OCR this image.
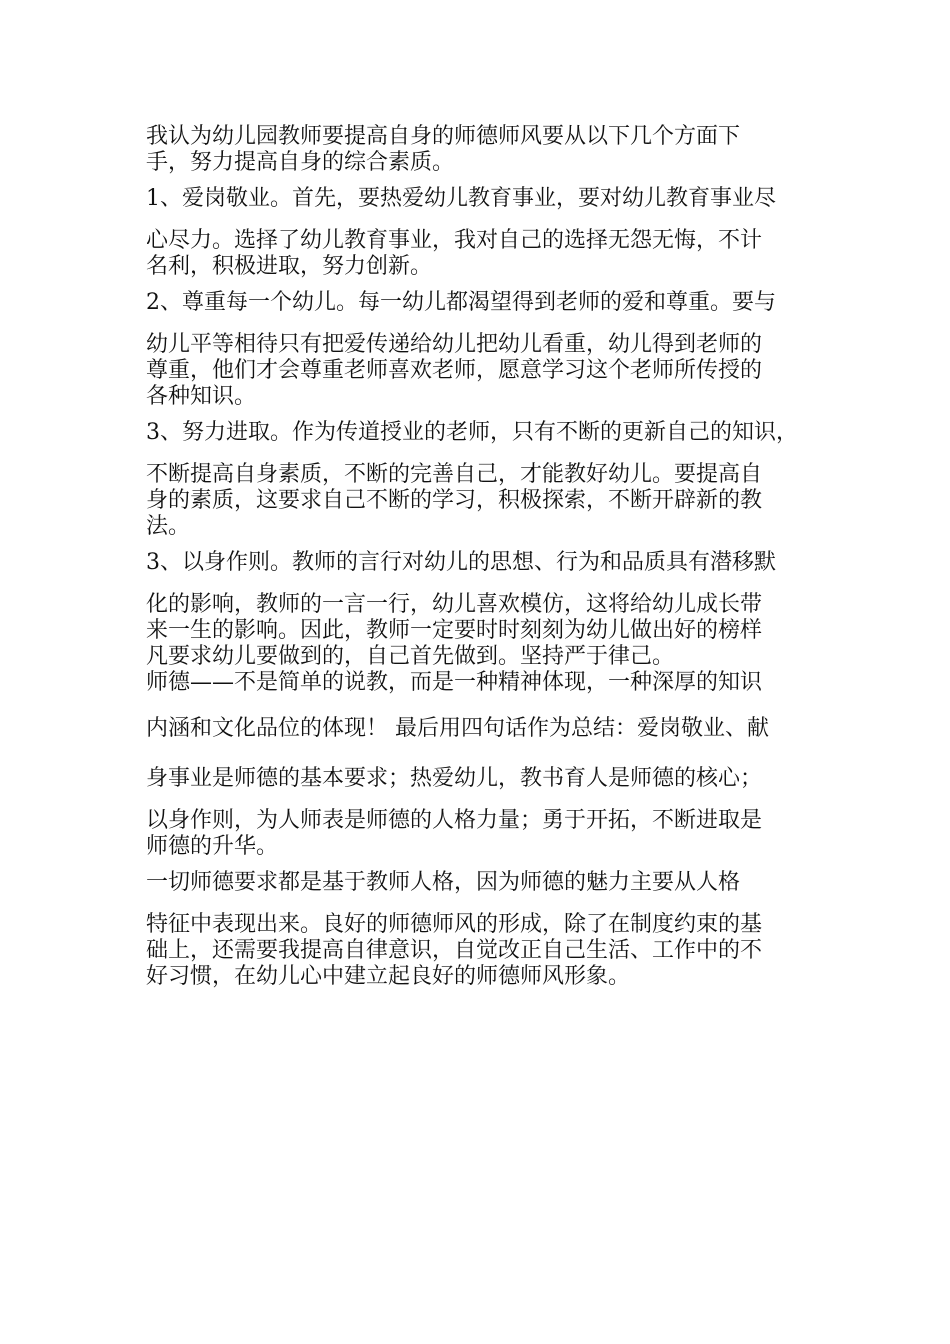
我认为幼儿园教师要提高自身的师德师风要从以下几个方面下
手，努力提高自身的综合素质。
1、爱岗敬业。首先，要热爱幼儿教育事业，要对幼儿教育事业尽
心尽力。选择了幼儿教育事业，我对自己的选择无怨无悔，不计
名利，积极进取，努力创新。
2、尊重每一个幼儿。每一幼儿都渴望得到老师的爱和尊重。要与
幼儿平等相待只有把爱传递给幼儿把幼儿看重，幼儿得到老师的
尊重，他们才会尊重老师喜欢老师，愿意学习这个老师所传授的
各种知识。
3、努力进取。作为传道授业的老师，只有不断的更新自己的知识，
不断提高自身素质，不断的完善自己，才能教好幼儿。要提高自
身的素质，这要求自己不断的学习，积极探索，不断开辟新的教
法。
3、以身作则。教师的言行对幼儿的思想、行为和品质具有潜移默
化的影响，教师的一言一行，幼儿喜欢模仿，这将给幼儿成长带
来一生的影响。因此，教师一定要时时刻刻为幼儿做出好的榜样
凡要求幼儿要做到的，自己首先做到。坚持严于律己。
师德——不是简单的说教，而是一种精神体现，一种深厚的知识
内涵和文化品位的体现！ 最后用四句话作为总结：爱岗敬业、献
身事业是师德的基本要求；热爱幼儿，教书育人是师德的核心；
以身作则，为人师表是师德的人格力量；勇于开拓，不断进取是
师德的升华。
一切师德要求都是基于教师人格，因为师德的魅力主要从人格
特征中表现出来。良好的师德师风的形成，除了在制度约束的基
础上，还需要我提高自律意识，自觉改正自己生活、工作中的不
好习惯，在幼儿心中建立起良好的师德师风形象。
